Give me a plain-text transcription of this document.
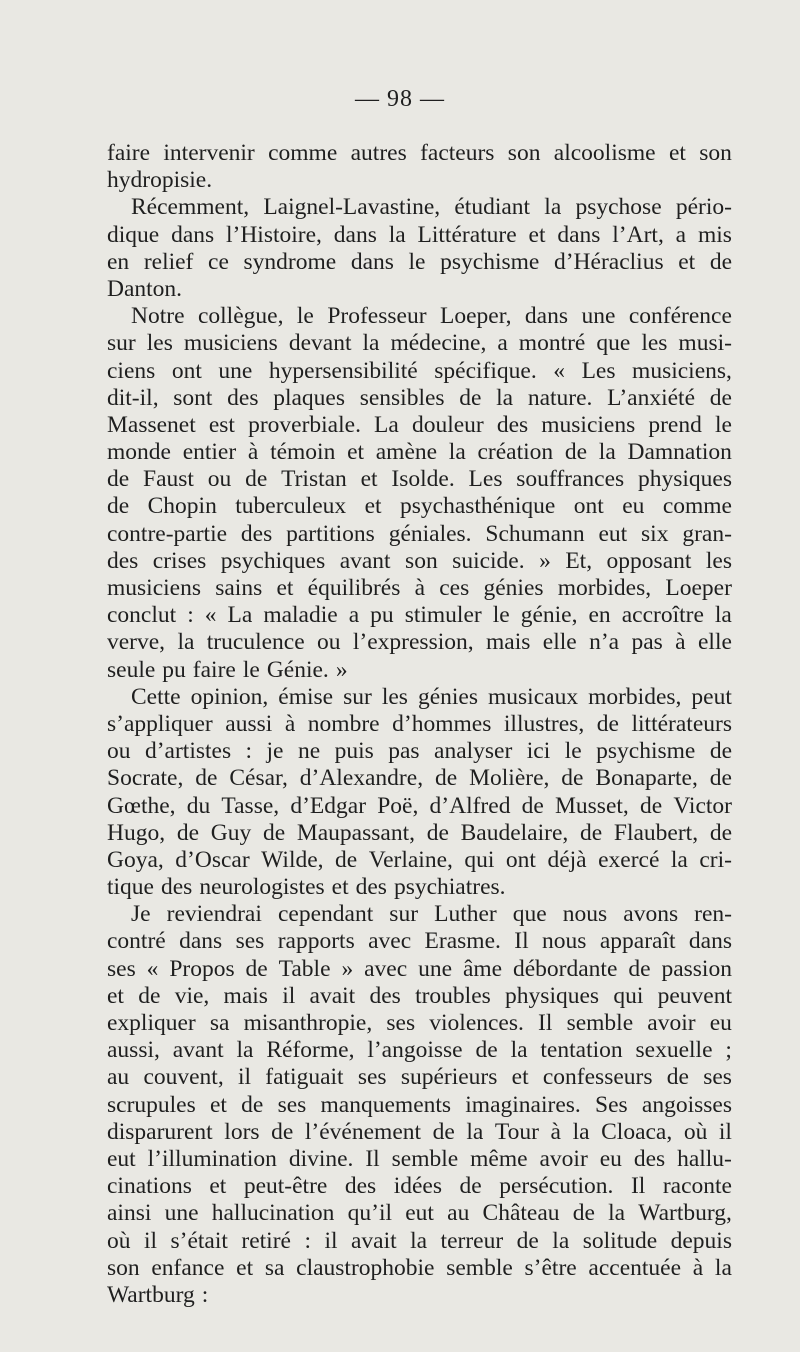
— 98 —
faire intervenir comme autres facteurs son alcoolisme et son
hydropisie.
Récemment, Laignel-Lavastine, étudiant la psychose pério-
dique dans l’Histoire, dans la Littérature et dans l’Art, a mis
en relief ce syndrome dans le psychisme d’Héraclius et de
Danton.
Notre collègue, le Professeur Loeper, dans une conférence
sur les musiciens devant la médecine, a montré que les musi-
ciens ont une hypersensibilité spécifique. « Les musiciens,
dit-il, sont des plaques sensibles de la nature. L’anxiété de
Massenet est proverbiale. La douleur des musiciens prend le
monde entier à témoin et amène la création de la Damnation
de Faust ou de Tristan et Isolde. Les souffrances physiques
de Chopin tuberculeux et psychasthénique ont eu comme
contre-partie des partitions géniales. Schumann eut six gran-
des crises psychiques avant son suicide. » Et, opposant les
musiciens sains et équilibrés à ces génies morbides, Loeper
conclut : « La maladie a pu stimuler le génie, en accroître la
verve, la truculence ou l’expression, mais elle n’a pas à elle
seule pu faire le Génie. »
Cette opinion, émise sur les génies musicaux morbides, peut
s’appliquer aussi à nombre d’hommes illustres, de littérateurs
ou d’artistes : je ne puis pas analyser ici le psychisme de
Socrate, de César, d’Alexandre, de Molière, de Bonaparte, de
Gœthe, du Tasse, d’Edgar Poë, d’Alfred de Musset, de Victor
Hugo, de Guy de Maupassant, de Baudelaire, de Flaubert, de
Goya, d’Oscar Wilde, de Verlaine, qui ont déjà exercé la cri-
tique des neurologistes et des psychiatres.
Je reviendrai cependant sur Luther que nous avons ren-
contré dans ses rapports avec Erasme. Il nous apparaît dans
ses « Propos de Table » avec une âme débordante de passion
et de vie, mais il avait des troubles physiques qui peuvent
expliquer sa misanthropie, ses violences. Il semble avoir eu
aussi, avant la Réforme, l’angoisse de la tentation sexuelle ;
au couvent, il fatiguait ses supérieurs et confesseurs de ses
scrupules et de ses manquements imaginaires. Ses angoisses
disparurent lors de l’événement de la Tour à la Cloaca, où il
eut l’illumination divine. Il semble même avoir eu des hallu-
cinations et peut-être des idées de persécution. Il raconte
ainsi une hallucination qu’il eut au Château de la Wartburg,
où il s’était retiré : il avait la terreur de la solitude depuis
son enfance et sa claustrophobie semble s’être accentuée à la
Wartburg :
